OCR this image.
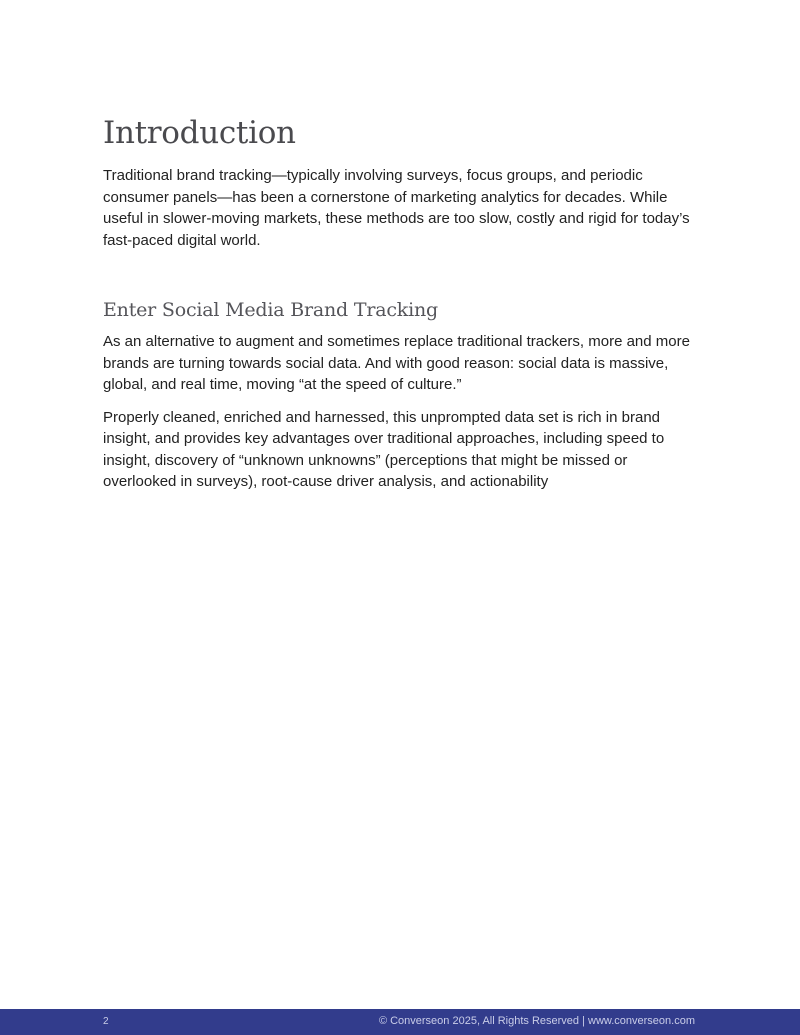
Introduction

Traditional brand tracking—typically involving surveys, focus groups, and periodic consumer panels—has been a cornerstone of marketing analytics for decades. While useful in slower-moving markets, these methods are too slow, costly and rigid for today’s fast-paced digital world.

Enter Social Media Brand Tracking

As an alternative to augment and sometimes replace traditional trackers, more and more brands are turning towards social data. And with good reason: social data is massive, global, and real time, moving “at the speed of culture.”

Properly cleaned, enriched and harnessed, this unprompted data set is rich in brand insight, and provides key advantages over traditional approaches, including speed to insight, discovery of “unknown unknowns” (perceptions that might be missed or overlooked in surveys), root-cause driver analysis, and actionability

2	© Converseon 2025, All Rights Reserved | www.converseon.com
